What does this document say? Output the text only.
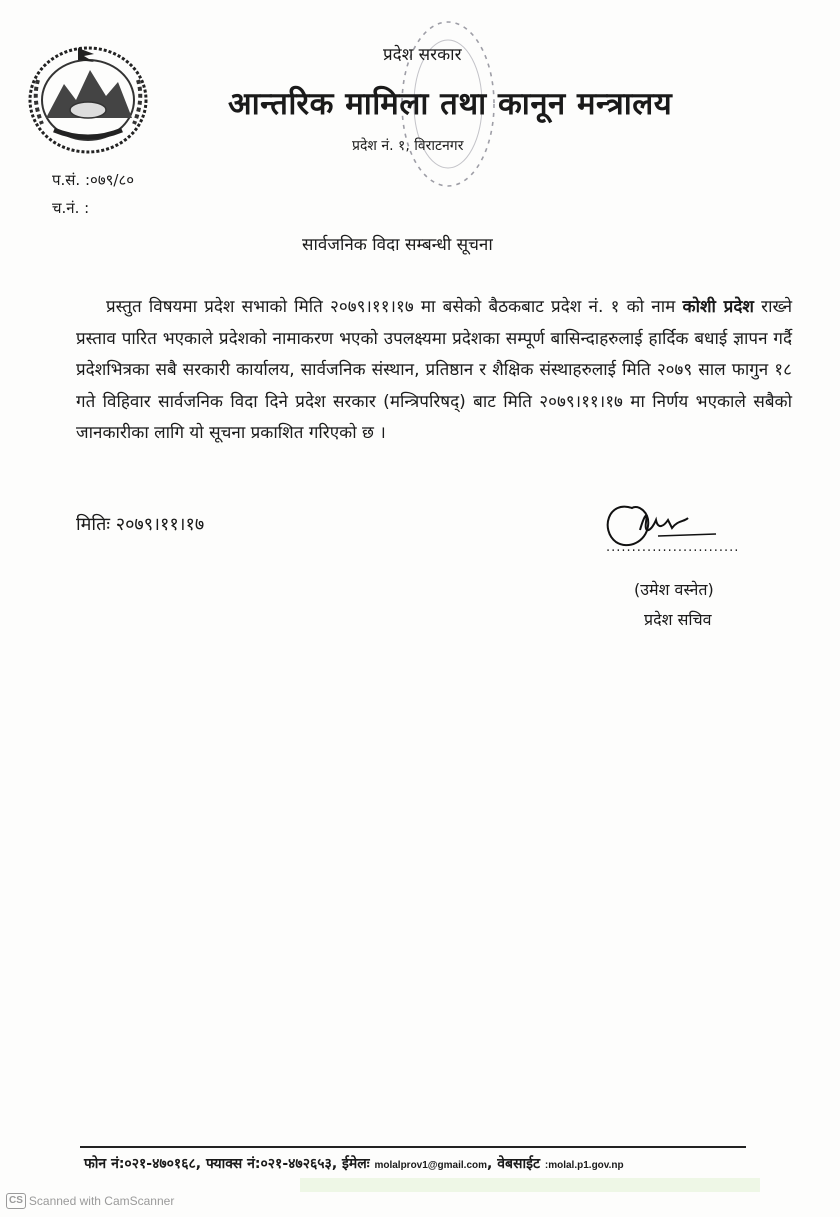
प्रदेश सरकार
आन्तरिक मामिला तथा कानून मन्त्रालय
प्रदेश नं. १, विराटनगर
प.सं. :०७९/८०
च.नं. :
सार्वजनिक विदा सम्बन्धी सूचना
प्रस्तुत विषयमा प्रदेश सभाको मिति २०७९।११।१७ मा बसेको बैठकबाट प्रदेश नं. १ को नाम कोशी प्रदेश राख्ने प्रस्ताव पारित भएकाले प्रदेशको नामाकरण भएको उपलक्ष्यमा प्रदेशका सम्पूर्ण बासिन्दाहरुलाई हार्दिक बधाई ज्ञापन गर्दै प्रदेशभित्रका सबै सरकारी कार्यालय, सार्वजनिक संस्थान, प्रतिष्ठान र शैक्षिक संस्थाहरुलाई मिति २०७९ साल फागुन १८ गते विहिवार सार्वजनिक विदा दिने प्रदेश सरकार (मन्त्रिपरिषद्) बाट मिति २०७९।११।१७ मा निर्णय भएकाले सबैको जानकारीका लागि यो सूचना प्रकाशित गरिएको छ ।
मितिः २०७९।११।१७
..........................
(उमेश वस्नेत)
प्रदेश सचिव
फोन नं:०२१-४७०१६८, फ्याक्स नं:०२१-४७२६५३, ईमेलः molalprov1@gmail.com, वेबसाईट :molal.p1.gov.np
CS Scanned with CamScanner
